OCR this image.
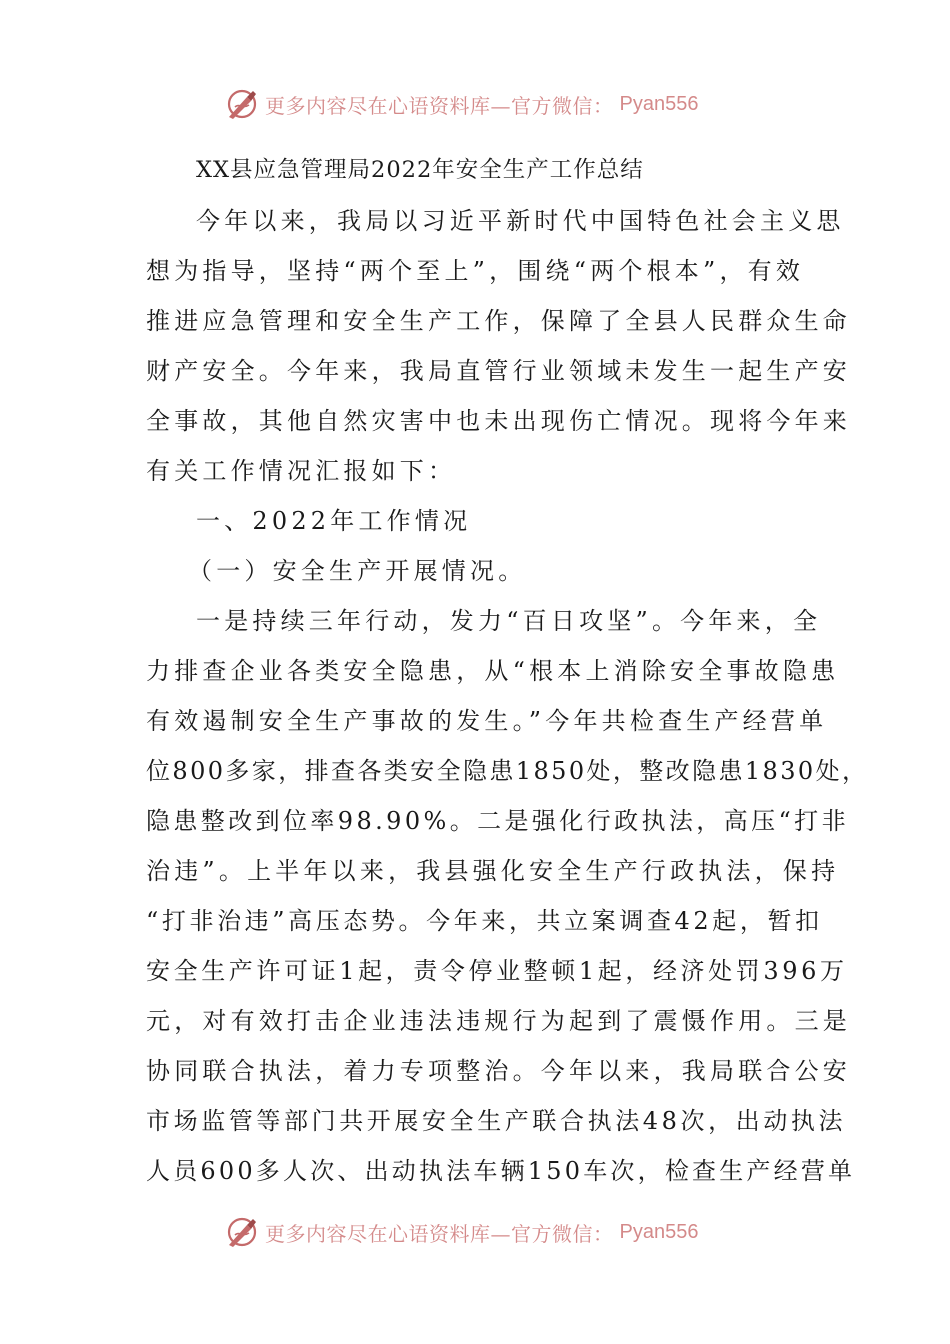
更多内容尽在心语资料库—官方微信： Pyan556
XX县应急管理局2022年安全生产工作总结
今年以来，我局以习近平新时代中国特色社会主义思
想为指导，坚持“两个至上”，围绕“两个根本”，有效
推进应急管理和安全生产工作，保障了全县人民群众生命
财产安全。今年来，我局直管行业领域未发生一起生产安
全事故，其他自然灾害中也未出现伤亡情况。现将今年来
有关工作情况汇报如下：
一、2022年工作情况
（一）安全生产开展情况。
一是持续三年行动，发力“百日攻坚”。今年来，全
力排查企业各类安全隐患，从“根本上消除安全事故隐患
有效遏制安全生产事故的发生。”今年共检查生产经营单
位800多家，排查各类安全隐患1850处，整改隐患1830处，
隐患整改到位率98.90%。二是强化行政执法，高压“打非
治违”。上半年以来，我县强化安全生产行政执法，保持
“打非治违”高压态势。今年来，共立案调查42起，暂扣
安全生产许可证1起，责令停业整顿1起，经济处罚396万
元，对有效打击企业违法违规行为起到了震慑作用。三是
协同联合执法，着力专项整治。今年以来，我局联合公安
市场监管等部门共开展安全生产联合执法48次，出动执法
人员600多人次、出动执法车辆150车次，检查生产经营单
更多内容尽在心语资料库—官方微信： Pyan556
